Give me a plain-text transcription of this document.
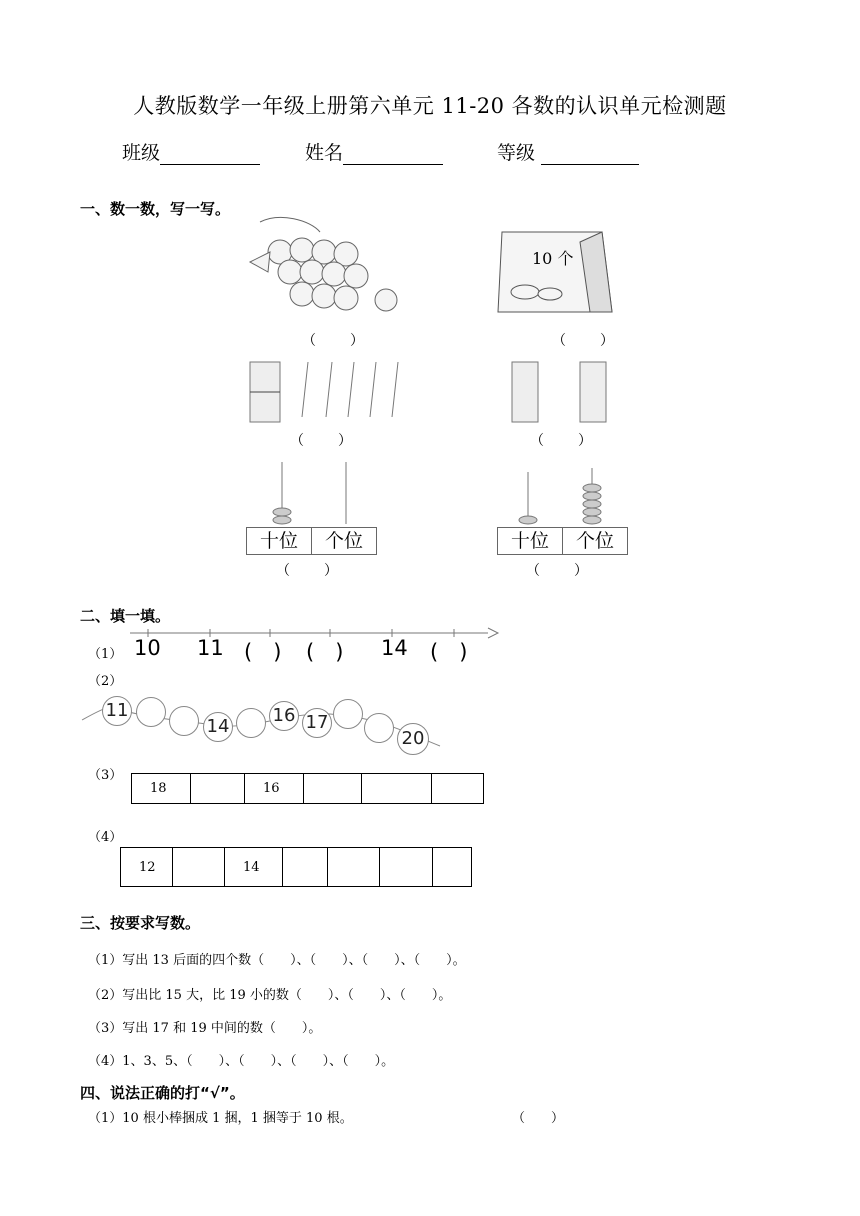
人教版数学一年级上册第六单元 11-20 各数的认识单元检测题
班级	姓名	等级
一、数一数，写一写。
10 个
（　　）	（　　）
（　　）	（　　）
十位	个位	十位	个位
（　　）	（　　）
二、填一填。
（1） 10 11 (　) (　) 14 (　)
（2）
11
14
16 17
20
（3）
18		16			
（4）
12		14				
三、按要求写数。
（1）写出 13 后面的四个数（　　）、（　　）、（　　）、（　　）。
（2）写出比 15 大，比 19 小的数（　　）、（　　）、（　　）。
（3）写出 17 和 19 中间的数（　　）。
（4）1、3、5、（　　）、（　　）、（　　）、（　　）。
四、说法正确的打“√”。
（1）10 根小棒捆成 1 捆，1 捆等于 10 根。	（　　）
